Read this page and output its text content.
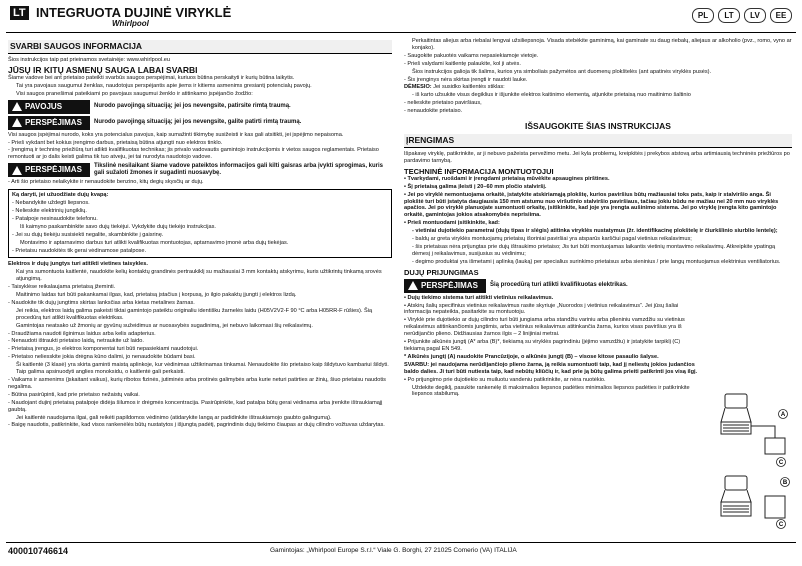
LT INTEGRUOTA DUJINĖ VIRYKLĖ
Whirlpool
PL	LT	LV	EE
SVARBI SAUGOS INFORMACIJA

Šios instrukcijos taip pat prieinamos svetainėje: www.whirlpool.eu

JŪSŲ IR KITŲ ASMENŲ SAUGA LABAI SVARBI

Šiame vadove bei ant prietaiso pateikti svarbūs saugos perspėjimai, kuriuos būtina perskaityti ir kurių būtina laikytis.

Tai yra pavojaus saugumui ženklas, naudotojus perspėjantis apie jiems ir kitiems asmenims gresiantį potencialų pavojų.

Visi saugos pranešimai pateikiami po pavojaus saugumui ženklo ir atitinkamo įspėjančio žodžio:

PAVOJUS	Nurodo pavojingą situaciją; jei jos nevengsite, patirsite rimtą traumą.
PERSPĖJIMAS Nurodo pavojingą situaciją; jei jos nevengsite, galite patirti rimtą traumą.

Visi saugos įspėjimai nurodo, koks yra potencialus pavojus, kaip sumažinti tikimybę susižeisti ir kas gali atsitikti, jei įspėjimo nepaisoma.

- Prieš vykdant bet kokius įrengimo darbus, prietaisą būtina atjungti nuo elektros tinklo.

- Įrengimą ir techninę priežiūrą turi atlikti kvalifikuotas technikas; jis privalo vadovautis gamintojo instrukcijomis ir vietos saugos reglamentais. Prietaiso remontuoti ar jo dalis keisti galima tik tuo atveju, jei tai nurodyta naudotojo vadove.

PERSPĖJIMAS Tikslinė nesilaikant šiame vadove pateiktos informacijos gali kilti gaisras arba įvykti sprogimas, kuris gali sužaloti žmones ir sugadinti nuosavybę.

- Arti šio prietaiso nelaikykite ir nenaudokite benzino, kitų degių skysčių ar dujų.

Ką daryti, jei užuodžiate dujų kvapą:

- Nebandykite uždegti liepsnos.

- Nelieskite elektrinių jungiklių.

- Patalpoje nesinaudokite telefonu.

Iš kaimyno paskambinkite savo dujų tiekėjui. Vykdykite dujų tiekėjo instrukcijas.

- Jei su dujų tiekėju susisiekti negalite, skambinkite į gaisrinę.

Montavimo ir aptarnavimo darbus turi atlikti kvalifikuotas montuotojas, aptarnavimo įmonė arba dujų tiekėjas.

- Prietaisu naudokitės tik gerai vėdinamose patalpose.

Elektros ir dujų jungtys turi atitikti vietines taisykles.

Kai yra sumontuota kaitlentė, naudokite kelių kontaktų grandinės pertraukiklį su mažiausiai 3 mm kontaktų atskyrimu, kuris užtikrintų tinkamą srovės atjungimą.

- Taisyklėse reikalaujama prietaisą įžeminti.

Maitinimo laidas turi būti pakankamai ilgas, kad, prietaisą įstačius į korpusą, jo ilgio pakaktų įjungti į elektros lizdą.

- Naudokite tik dujų jungtims skirtas lanksčias arba kietas metalines žarnas.

Jei reikia, elektros laidą galima pakeisti tiktai gamintojo pateiktu originaliu identišku žarnelės laidu (H05V2V2-F 90 °C arba H05RR-F rūšies). Šią procedūrą turi atlikti kvalifikuotas elektrikas.

Gamintojas neatsako už žmonių ar gyvūnų sužeidimus ar nuosavybės sugadinimą, jei nebuvo laikomasi šių reikalavimų.

- Draudžiama naudoti ilginimus laidus arba kelis adapterius.

- Nenaudoti ištraukti prietaiso laidą, netraukite už laido.

- Prietaisą įrengus, jo elektros komponentai turi būti nepasiekiami naudotojui.

- Prietaiso neliesskite jokia drėgna kūno dalimi, jo nenaudokite būdami basi.

Ši kaitlentė (3 klasė) yra skirta gaminti maistą aplinkoje, kur vėdinimas užtikrinamas tinkamai. Nenaudokite šio prietaiso kaip šildytuvo kambariui šildyti. Taip galima apsinuodyti anglies monoksidu, o kaitlentė gali perkaisti.

- Vaikams ir asmenims (įskaitant vaikus), kurių ribotos fizinės, jutiminės arba protinės galimybės arba kurie neturi patirties ar žinių, šiuo prietaisu naudotis negalima.

- Būtina pasirūpinti, kad prie prietaiso nežaistų vaikai.

- Naudojant dujinį prietaisą patalpoje didėja šilumos ir drėgmės koncentracija. Pasirūpinkite, kad patalpa būtų gerai vėdinama arba įrenkite ištraukiamąjį gaubtą.

Jei kaitlentė naudojama ilgai, gali reikėti papildomos vėdinimo (atidarykite langą ar padidinkite ištraukiamojo gaubto galingumą).

- Baigę naudotis, patikrinkite, kad visos rankenėlės būtų nustatytos į išjungtą padėtį, pagrindinis dujų tiekimo čiaupas ar dujų cilindro vožtuvas uždarytas.

Perkaitintas aliejus arba riebalai lengvai užsiliepsnoja. Visada stebėkite gaminimą, kai gaminate su daug riebalų, aliejaus ar alkoholio (pvz., romo, vyno ar konjako).

- Saugokite pakuotės vaikams nepasiekiamoje vietoje.

- Prieš valydami kaitlentę palaukite, kol ji atvės.

Šios instrukcijos galioja tik šalims, kurios yra simboliais pažymėtos ant duomenų plokštelės (ant apatinės viryklės pusės).

- Šis įrenginys nėra skirtas įrengti ir naudoti lauke.

DĖMESIO: Jei susidko kaitlentės stiklas:

- iš karto užsukite visus degiklius ir išjunkite elektros kaitinimo elementą, atjunkite prietaisą nuo maitinimo šaltinio

- nelieskite prietaiso paviršiaus,

- nenaudokite prietaiso.

IŠSAUGOKITE ŠIAS INSTRUKCIJAS
ĮRENGIMAS

Išpakavę viryklę, patikrinkite, ar ji nebuvo pažeista pervežimo metu. Jei kyla problemų, kreipkitės į prekybos atstovą arba artimiausią techninės priežiūros po pardavimo tarnybą.

TECHNINĖ INFORMACIJA MONTUOTOJUI

• Tvarkydami, ruošdami ir įrengdami prietaisą mūvėkite apsaugines pirštines.

• Šį prietaisą galima įleisti į 20–60 mm pločio stalviršį.

• Jei po viryklė nemontuojama orkaitė, įstatykite atskiriamąją plokštę, kurios paviršius būtų mažiausiai toks pats, kaip ir stalviršio anga. Ši plokštė turi būti įstatyta daugiausia 150 mm atstumu nuo viršutinio stalviršio paviršiaus, tačiau jokiu būdu ne mažiau nei 20 mm nuo viryklės apačios. Jei po viryklė planuojate sumontuoti orkaitę, įsitikinkite, kad joje yra įrengta aušinimo sistema. Jei po viryklę įrengta kito gamintojo orkaitė, gamintojas jokios atsakomybės neprisiima.

• Prieš montuodami įsitikinkite, kad:

- vietiniai dujotiekio parametrai (dujų tipas ir slėgis) atitinka viryklės nustatymus (žr. identifikacinę plokštelę ir čiurkšlinio siurblio lentelę);

- baldų ar greta viryklės montuojamų prietaisų išoriniai paviršiai yra atsparūs karščiui pagal vietinius reikalavimus;

- šis prietaisas nėra prijungtas prie dujų ištraukimo prietaiso; Jis turi būti montuojamas laikantis vietinių montavimo reikalavimų. Atkreipkite ypatingą dėmesį į reikalavimus, susijusius su vėdinimu;

- degimo produktai yra išmetami į aplinką (lauką) per specialius surinkimo prietaisus arba sieninius / prie langų montuojamus elektrinius ventiliatorius.

DUJŲ PRIJUNGIMAS
PERSPĖJIMAS Šią procedūrą turi atlikti kvalifikuotas elektrikas.

• Dujų tiekimo sistema turi atitikti vietinius reikalavimus.

• Atskirų šalių specifinius vietinius reikalavimus rasite skyriuje „Nuorodos į vietinius reikalavimus“. Jei jūsų šaliai informacija nepateikta, pasitarkite su montuotoju.

• Viryklė prie dujotiekio ar dujų cilindro turi būti jungiama arba standžiu variniu arba plieniniu vamzdžiu su vietinius reikalavimus atitinkančiomis jungtimis, arba vietinius reikalavimus atitinkančia žarna, kurios visas paviršius yra iš nerūdijančio plieno. Didžiausias žarnos ilgis – 2 linijiniai metrai.

• Prijunkite alkūnės jungtį (A* arba (B)*, tiekiamą su viryklės pagrindiniu (įėjimo vamzdžiu) ir įstatykite tarpiklį (C) tiekiamą pagal EN 549.

* Alkūnės jungtį (A) naudokite Prancūzijoje, o alkūnės jungtį (B) – visose kitose pasaulio šalyse.

SVARBU: jei naudojama nerūdijančiojo plieno žarna, ją reikia sumontuoti taip, kad jį neliestų jokios judančios baldo dalies. Ji turi būti nutiesta taip, kad nebūtų kliūčių ir, kad prie ją būtų galima prieiti patikrinti jos visą ilgį.

• Po prijungimo prie dujotiekio su muiluotu vandeniu patikrinkite, ar nėra nuotėkio.

Uždekite degiklį, pasukite rankenėlę iš maksimalios liepsnos padėties minimalios liepsnos padėties ir patikrinkite liepsnos stabilumą.

A
C
B
C
400010746614	Gamintojas: „Whirlpool Europe S.r.l.“ Viale G. Borghi, 27 21025 Comerio (VA) ITALIJA
